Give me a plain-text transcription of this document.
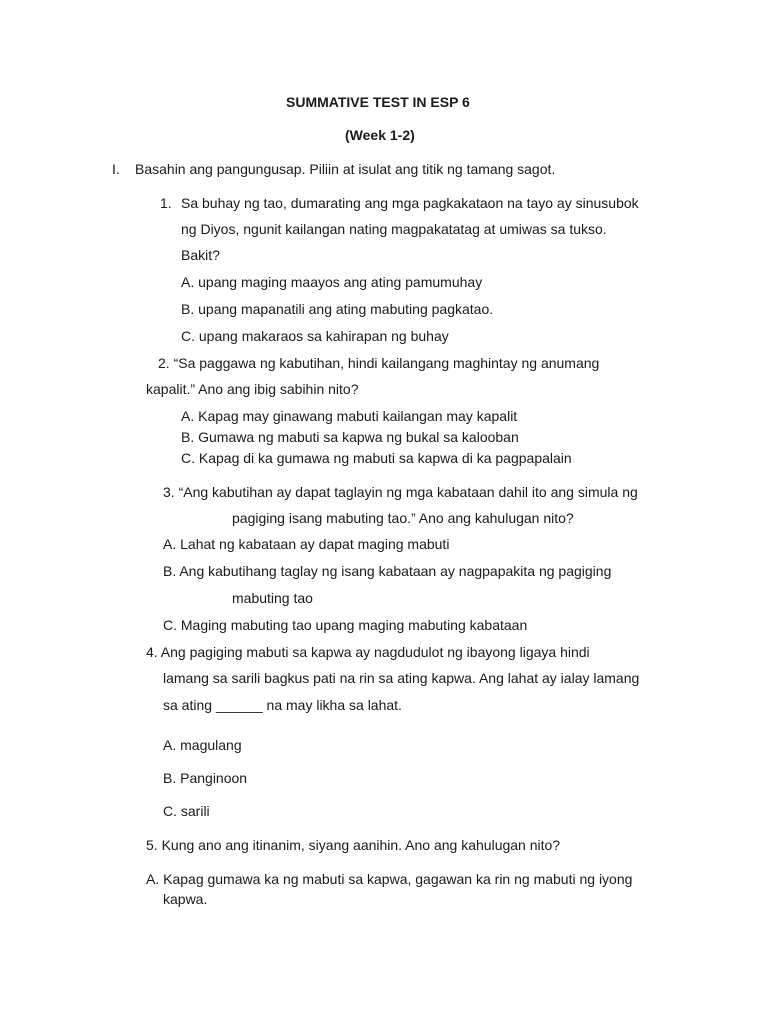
SUMMATIVE TEST IN ESP 6
(Week 1-2)
I. Basahin ang pangungusap. Piliin at isulat ang titik ng tamang sagot.
1. Sa buhay ng tao, dumarating ang mga pagkakataon na tayo ay sinusubok
ng Diyos, ngunit kailangan nating magpakatatag at umiwas sa tukso.
Bakit?
A. upang maging maayos ang ating pamumuhay
B. upang mapanatili ang ating mabuting pagkatao.
C. upang makaraos sa kahirapan ng buhay
2. “Sa paggawa ng kabutihan, hindi kailangang maghintay ng anumang
kapalit.” Ano ang ibig sabihin nito?
A. Kapag may ginawang mabuti kailangan may kapalit
B. Gumawa ng mabuti sa kapwa ng bukal sa kalooban
C. Kapag di ka gumawa ng mabuti sa kapwa di ka pagpapalain
3. “Ang kabutihan ay dapat taglayin ng mga kabataan dahil ito ang simula ng
pagiging isang mabuting tao.” Ano ang kahulugan nito?
A. Lahat ng kabataan ay dapat maging mabuti
B. Ang kabutihang taglay ng isang kabataan ay nagpapakita ng pagiging
mabuting tao
C. Maging mabuting tao upang maging mabuting kabataan
4. Ang pagiging mabuti sa kapwa ay nagdudulot ng ibayong ligaya hindi
lamang sa sarili bagkus pati na rin sa ating kapwa. Ang lahat ay ialay lamang
sa ating ______ na may likha sa lahat.
A. magulang
B. Panginoon
C. sarili
5. Kung ano ang itinanim, siyang aanihin. Ano ang kahulugan nito?
A. Kapag gumawa ka ng mabuti sa kapwa, gagawan ka rin ng mabuti ng iyong
kapwa.
